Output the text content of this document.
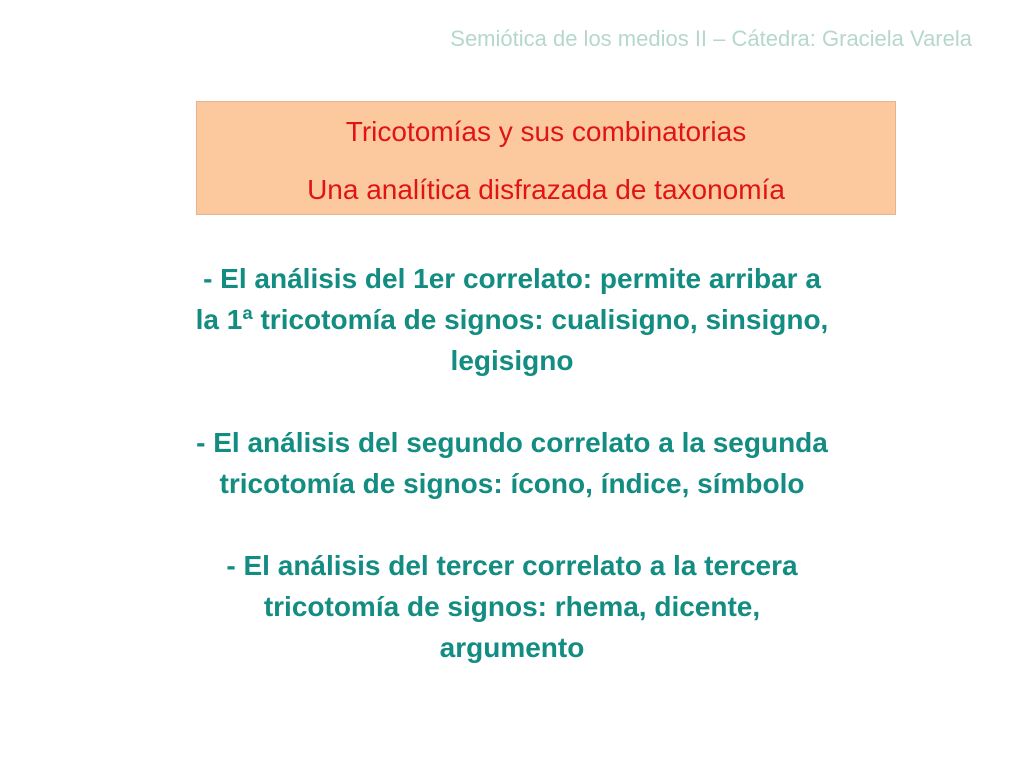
Semiótica de los medios II – Cátedra: Graciela Varela
Tricotomías y sus combinatorias
Una analítica disfrazada de taxonomía
- El análisis del 1er correlato: permite arribar a la 1ª tricotomía de signos: cualisigno, sinsigno, legisigno
- El análisis del segundo correlato a la segunda tricotomía de signos: ícono, índice, símbolo
- El análisis del tercer correlato a la tercera tricotomía de signos: rhema, dicente, argumento
